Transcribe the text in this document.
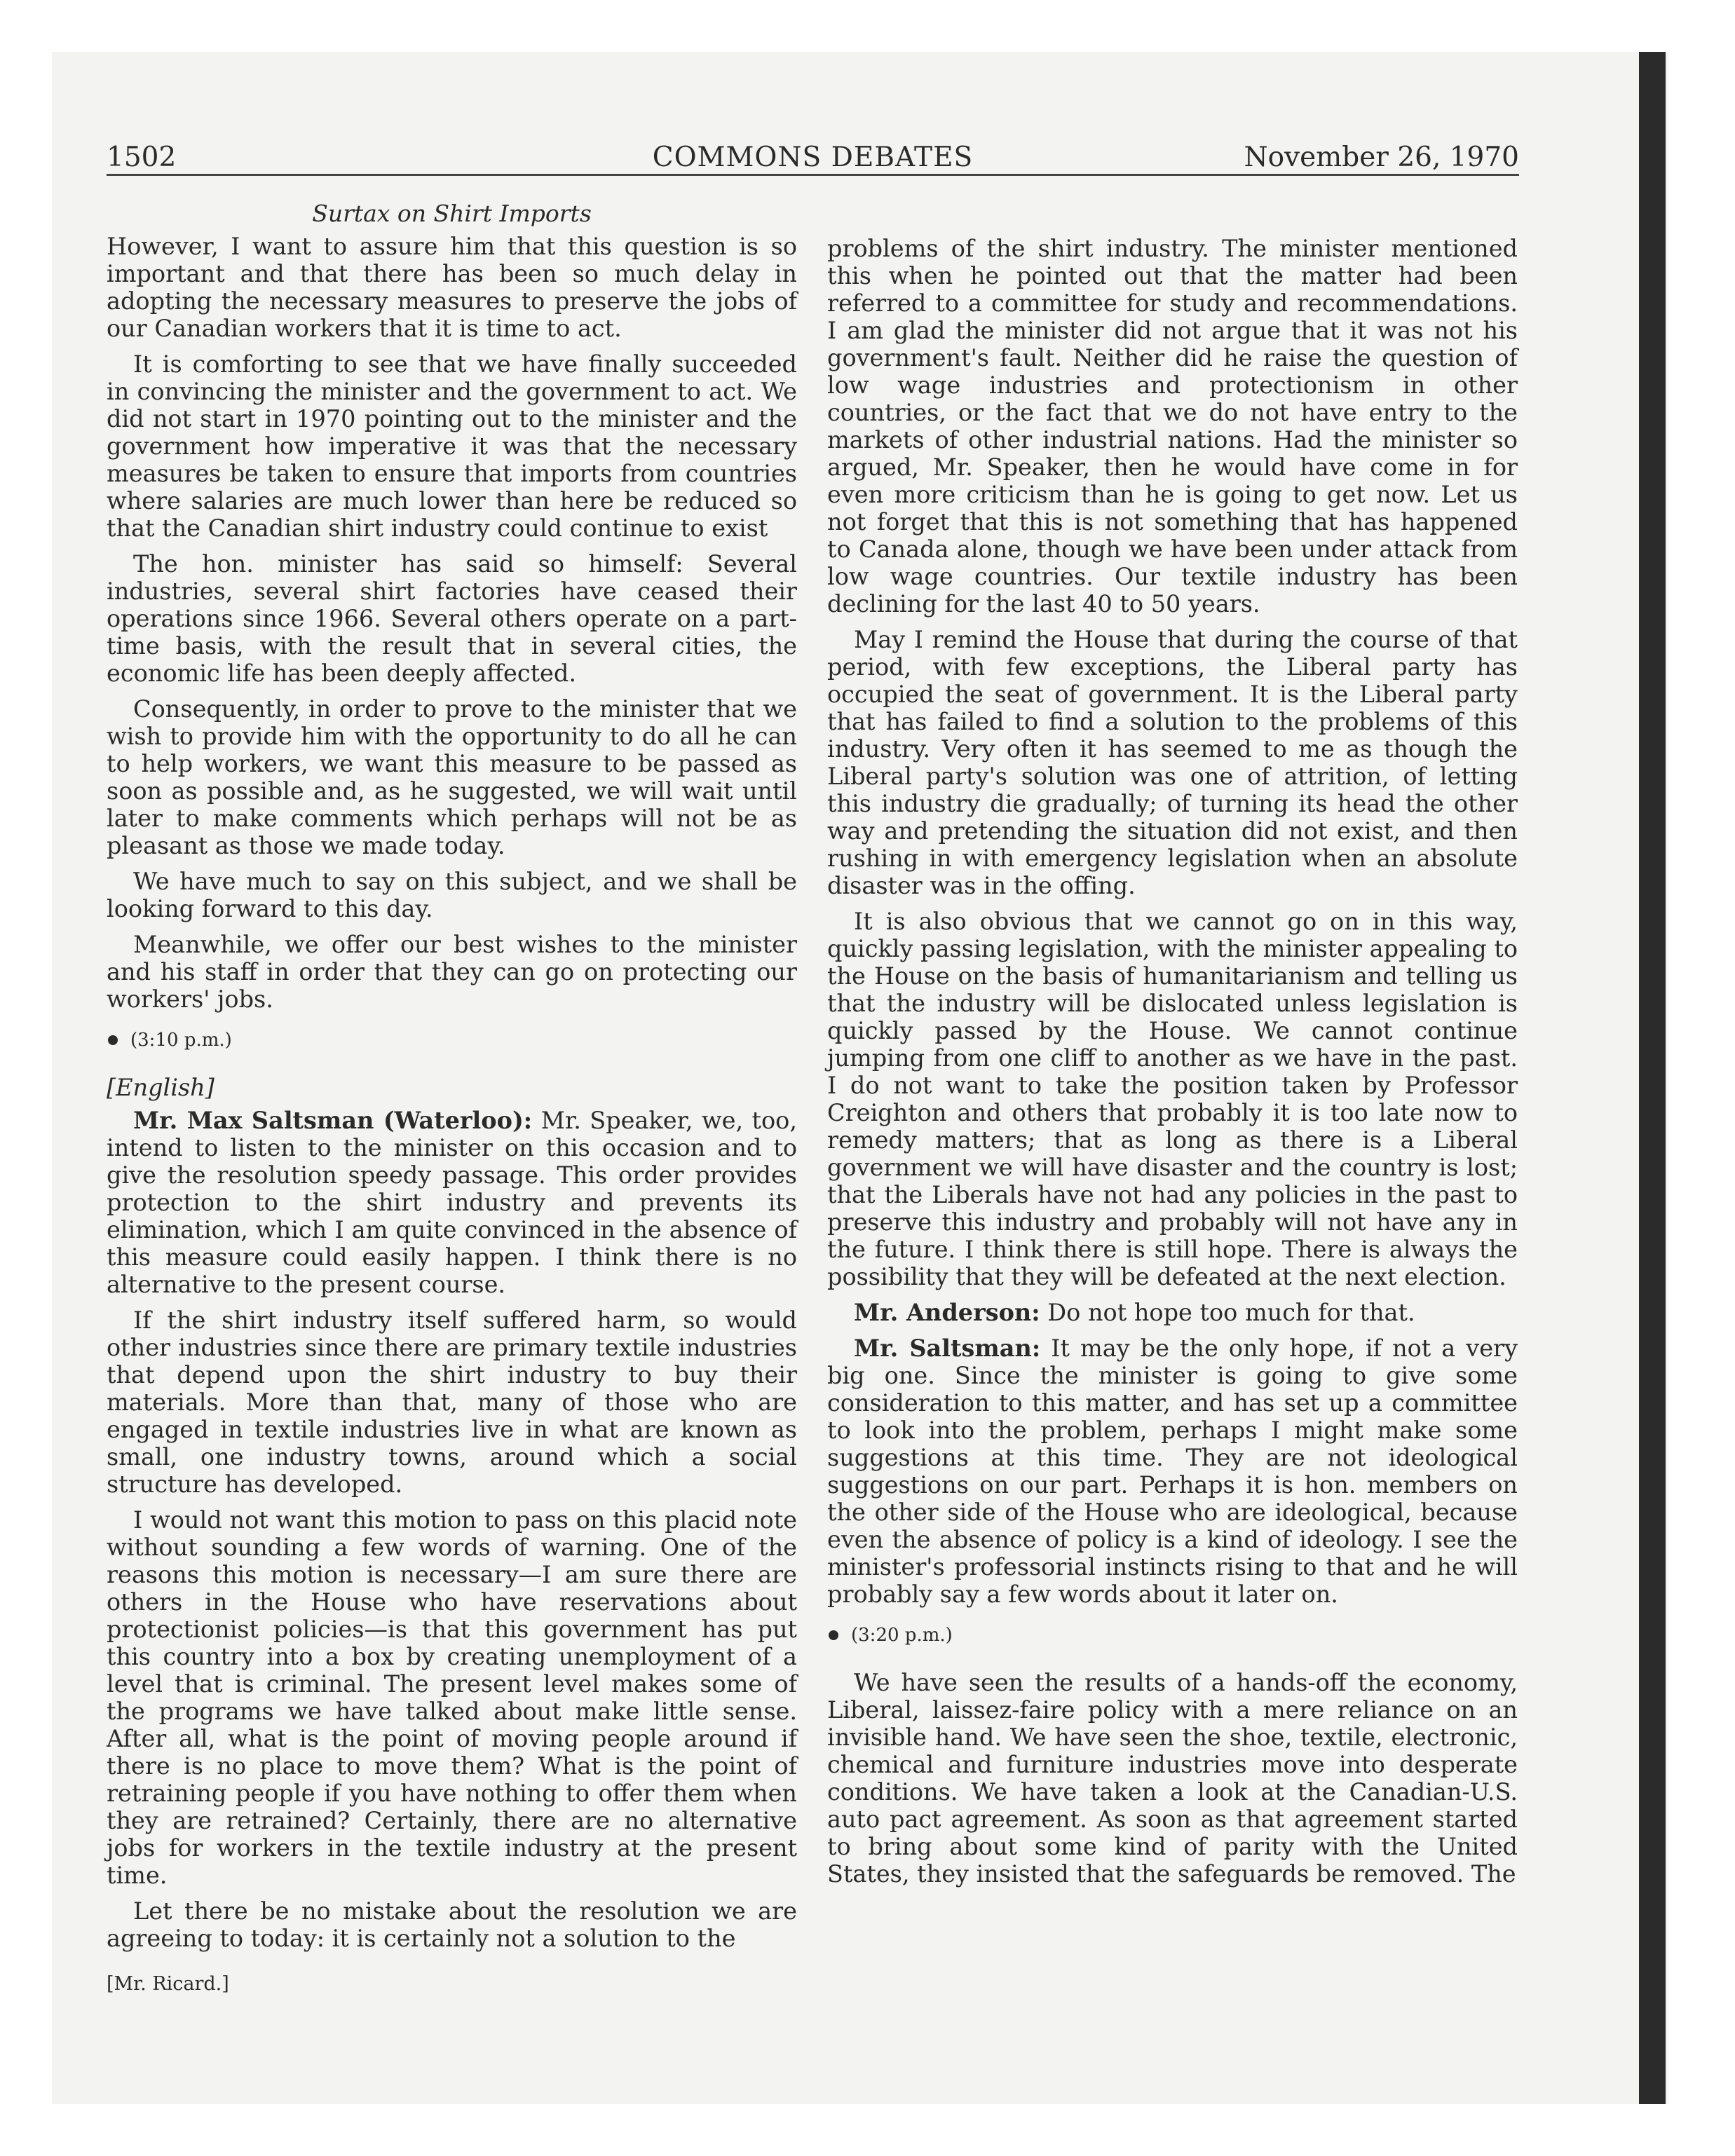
1502	COMMONS DEBATES	November 26, 1970
Surtax on Shirt Imports

However, I want to assure him that this question is so important and that there has been so much delay in adopting the necessary measures to preserve the jobs of our Canadian workers that it is time to act.

It is comforting to see that we have finally succeeded in convincing the minister and the government to act. We did not start in 1970 pointing out to the minister and the government how imperative it was that the necessary measures be taken to ensure that imports from countries where salaries are much lower than here be reduced so that the Canadian shirt industry could continue to exist

The hon. minister has said so himself: Several industries, several shirt factories have ceased their operations since 1966. Several others operate on a part-time basis, with the result that in several cities, the economic life has been deeply affected.

Consequently, in order to prove to the minister that we wish to provide him with the opportunity to do all he can to help workers, we want this measure to be passed as soon as possible and, as he suggested, we will wait until later to make comments which perhaps will not be as pleasant as those we made today.

We have much to say on this subject, and we shall be looking forward to this day.

Meanwhile, we offer our best wishes to the minister and his staff in order that they can go on protecting our workers' jobs.

(3:10 p.m.)
[English]

Mr. Max Saltsman (Waterloo): Mr. Speaker, we, too, intend to listen to the minister on this occasion and to give the resolution speedy passage. This order provides protection to the shirt industry and prevents its elimination, which I am quite convinced in the absence of this measure could easily happen. I think there is no alternative to the present course.

If the shirt industry itself suffered harm, so would other industries since there are primary textile industries that depend upon the shirt industry to buy their materials. More than that, many of those who are engaged in textile industries live in what are known as small, one industry towns, around which a social structure has developed.

I would not want this motion to pass on this placid note without sounding a few words of warning. One of the reasons this motion is necessary—I am sure there are others in the House who have reservations about protectionist policies—is that this government has put this country into a box by creating unemployment of a level that is criminal. The present level makes some of the programs we have talked about make little sense. After all, what is the point of moving people around if there is no place to move them? What is the point of retraining people if you have nothing to offer them when they are retrained? Certainly, there are no alternative jobs for workers in the textile industry at the present time.

Let there be no mistake about the resolution we are agreeing to today: it is certainly not a solution to the

[Mr. Ricard.]

problems of the shirt industry. The minister mentioned this when he pointed out that the matter had been referred to a committee for study and recommendations. I am glad the minister did not argue that it was not his government's fault. Neither did he raise the question of low wage industries and protectionism in other countries, or the fact that we do not have entry to the markets of other industrial nations. Had the minister so argued, Mr. Speaker, then he would have come in for even more criticism than he is going to get now. Let us not forget that this is not something that has happened to Canada alone, though we have been under attack from low wage countries. Our textile industry has been declining for the last 40 to 50 years.

May I remind the House that during the course of that period, with few exceptions, the Liberal party has occupied the seat of government. It is the Liberal party that has failed to find a solution to the problems of this industry. Very often it has seemed to me as though the Liberal party's solution was one of attrition, of letting this industry die gradually; of turning its head the other way and pretending the situation did not exist, and then rushing in with emergency legislation when an absolute disaster was in the offing.

It is also obvious that we cannot go on in this way, quickly passing legislation, with the minister appealing to the House on the basis of humanitarianism and telling us that the industry will be dislocated unless legislation is quickly passed by the House. We cannot continue jumping from one cliff to another as we have in the past. I do not want to take the position taken by Professor Creighton and others that probably it is too late now to remedy matters; that as long as there is a Liberal government we will have disaster and the country is lost; that the Liberals have not had any policies in the past to preserve this industry and probably will not have any in the future. I think there is still hope. There is always the possibility that they will be defeated at the next election.

Mr. Anderson: Do not hope too much for that.

Mr. Saltsman: It may be the only hope, if not a very big one. Since the minister is going to give some consideration to this matter, and has set up a committee to look into the problem, perhaps I might make some suggestions at this time. They are not ideological suggestions on our part. Perhaps it is hon. members on the other side of the House who are ideological, because even the absence of policy is a kind of ideology. I see the minister's professorial instincts rising to that and he will probably say a few words about it later on.

(3:20 p.m.)

We have seen the results of a hands-off the economy, Liberal, laissez-faire policy with a mere reliance on an invisible hand. We have seen the shoe, textile, electronic, chemical and furniture industries move into desperate conditions. We have taken a look at the Canadian-U.S. auto pact agreement. As soon as that agreement started to bring about some kind of parity with the United States, they insisted that the safeguards be removed. The
